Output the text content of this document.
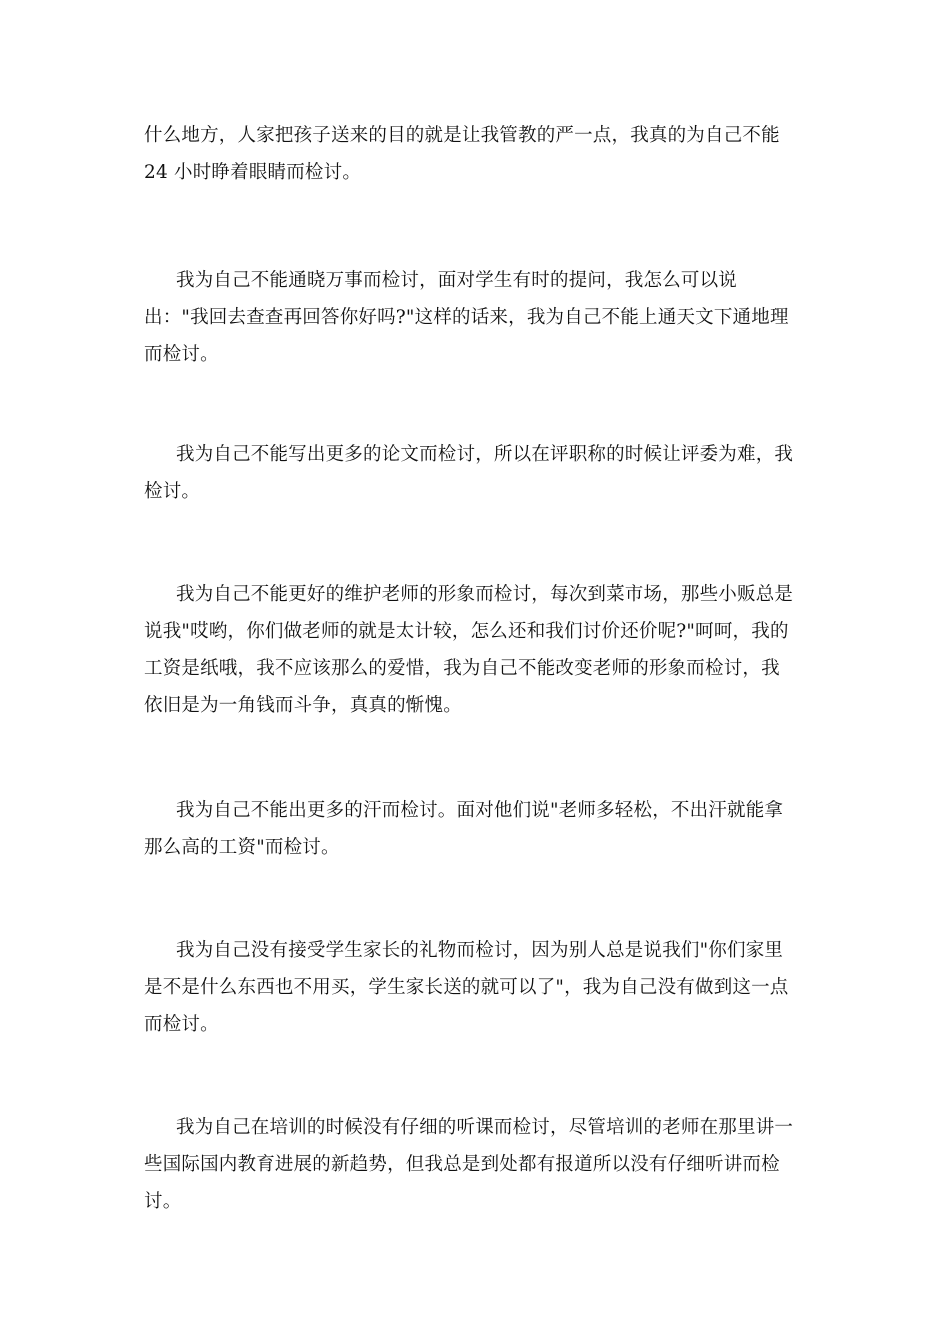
什么地方，人家把孩子送来的目的就是让我管教的严一点，我真的为自己不能
24 小时睁着眼睛而检讨。

我为自己不能通晓万事而检讨，面对学生有时的提问，我怎么可以说
出："我回去查查再回答你好吗?"这样的话来，我为自己不能上通天文下通地理
而检讨。

我为自己不能写出更多的论文而检讨，所以在评职称的时候让评委为难，我
检讨。

我为自己不能更好的维护老师的形象而检讨，每次到菜市场，那些小贩总是
说我"哎哟，你们做老师的就是太计较，怎么还和我们讨价还价呢?"呵呵，我的
工资是纸哦，我不应该那么的爱惜，我为自己不能改变老师的形象而检讨，我
依旧是为一角钱而斗争，真真的惭愧。

我为自己不能出更多的汗而检讨。面对他们说"老师多轻松，不出汗就能拿
那么高的工资"而检讨。

我为自己没有接受学生家长的礼物而检讨，因为别人总是说我们"你们家里
是不是什么东西也不用买，学生家长送的就可以了"，我为自己没有做到这一点
而检讨。

我为自己在培训的时候没有仔细的听课而检讨，尽管培训的老师在那里讲一
些国际国内教育进展的新趋势，但我总是到处都有报道所以没有仔细听讲而检
讨。
